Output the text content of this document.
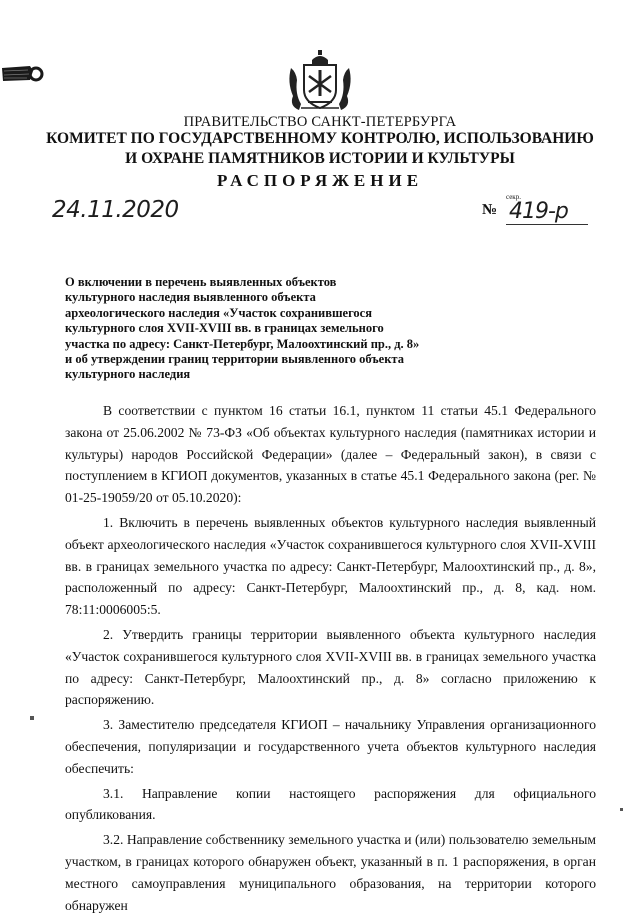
ПРАВИТЕЛЬСТВО САНКТ-ПЕТЕРБУРГА
КОМИТЕТ ПО ГОСУДАРСТВЕННОМУ КОНТРОЛЮ, ИСПОЛЬЗОВАНИЮ
И ОХРАНЕ ПАМЯТНИКОВ ИСТОРИИ И КУЛЬТУРЫ
РАСПОРЯЖЕНИЕ
24.11.2020	секр.
№ 419-р
О включении в перечень выявленных объектов
культурного наследия выявленного объекта
археологического наследия «Участок сохранившегося
культурного слоя XVII-XVIII вв. в границах земельного
участка по адресу: Санкт-Петербург, Малоохтинский пр., д. 8»
и об утверждении границ территории выявленного объекта
культурного наследия

В соответствии с пунктом 16 статьи 16.1, пунктом 11 статьи 45.1 Федерального закона от 25.06.2002 № 73-ФЗ «Об объектах культурного наследия (памятниках истории и культуры) народов Российской Федерации» (далее – Федеральный закон), в связи с поступлением в КГИОП документов, указанных в статье 45.1 Федерального закона (рег. № 01-25-19059/20 от 05.10.2020):

1. Включить в перечень выявленных объектов культурного наследия выявленный объект археологического наследия «Участок сохранившегося культурного слоя XVII-XVIII вв. в границах земельного участка по адресу: Санкт-Петербург, Малоохтинский пр., д. 8», расположенный по адресу: Санкт-Петербург, Малоохтинский пр., д. 8, кад. ном. 78:11:0006005:5.

2. Утвердить границы территории выявленного объекта культурного наследия «Участок сохранившегося культурного слоя XVII-XVIII вв. в границах земельного участка по адресу: Санкт-Петербург, Малоохтинский пр., д. 8» согласно приложению к распоряжению.

3. Заместителю председателя КГИОП – начальнику Управления организационного обеспечения, популяризации и государственного учета объектов культурного наследия обеспечить:

3.1. Направление копии настоящего распоряжения для официального опубликования.

3.2. Направление собственнику земельного участка и (или) пользователю земельным участком, в границах которого обнаружен объект, указанный в п. 1 распоряжения, в орган местного самоуправления муниципального образования, на территории которого обнаружен
